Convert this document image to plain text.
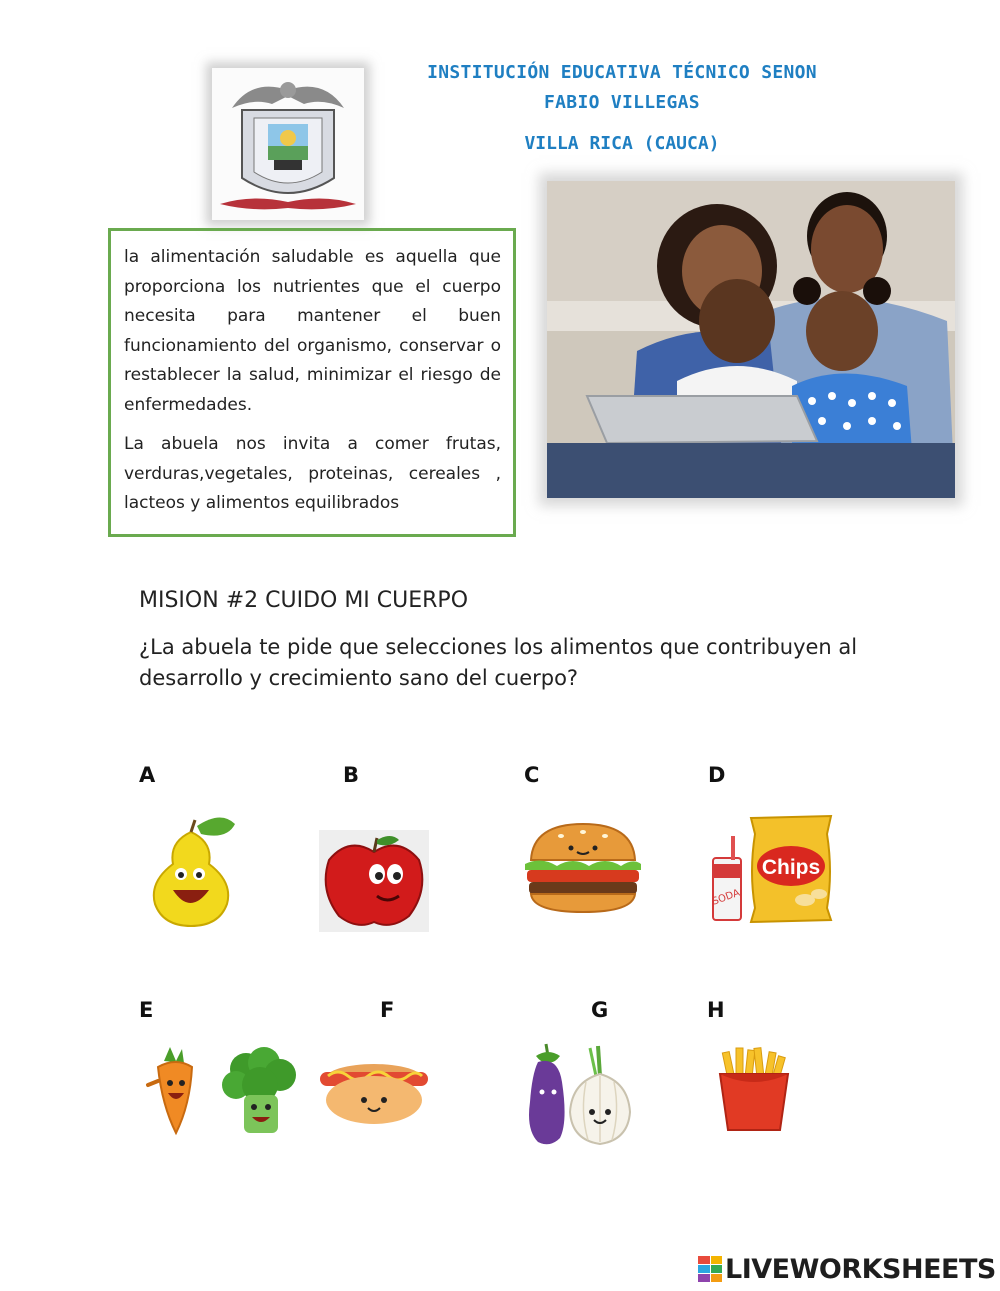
INSTITUCIÓN EDUCATIVA TÉCNICO SENON
FABIO VILLEGAS
VILLA RICA (CAUCA)

la alimentación saludable es aquella que proporciona los nutrientes que el cuerpo necesita para mantener el buen funcionamiento del organismo, conservar o restablecer la salud, minimizar el riesgo de enfermedades.

La abuela nos invita a comer frutas, verduras,vegetales, proteinas, cereales , lacteos y alimentos equilibrados

MISION #2 CUIDO MI CUERPO
¿La abuela te pide que selecciones los alimentos que contribuyen al desarrollo y crecimiento sano del cuerpo?
A	B	C	D
E	F	G	H
SODA
Chips
LIVEWORKSHEETS
